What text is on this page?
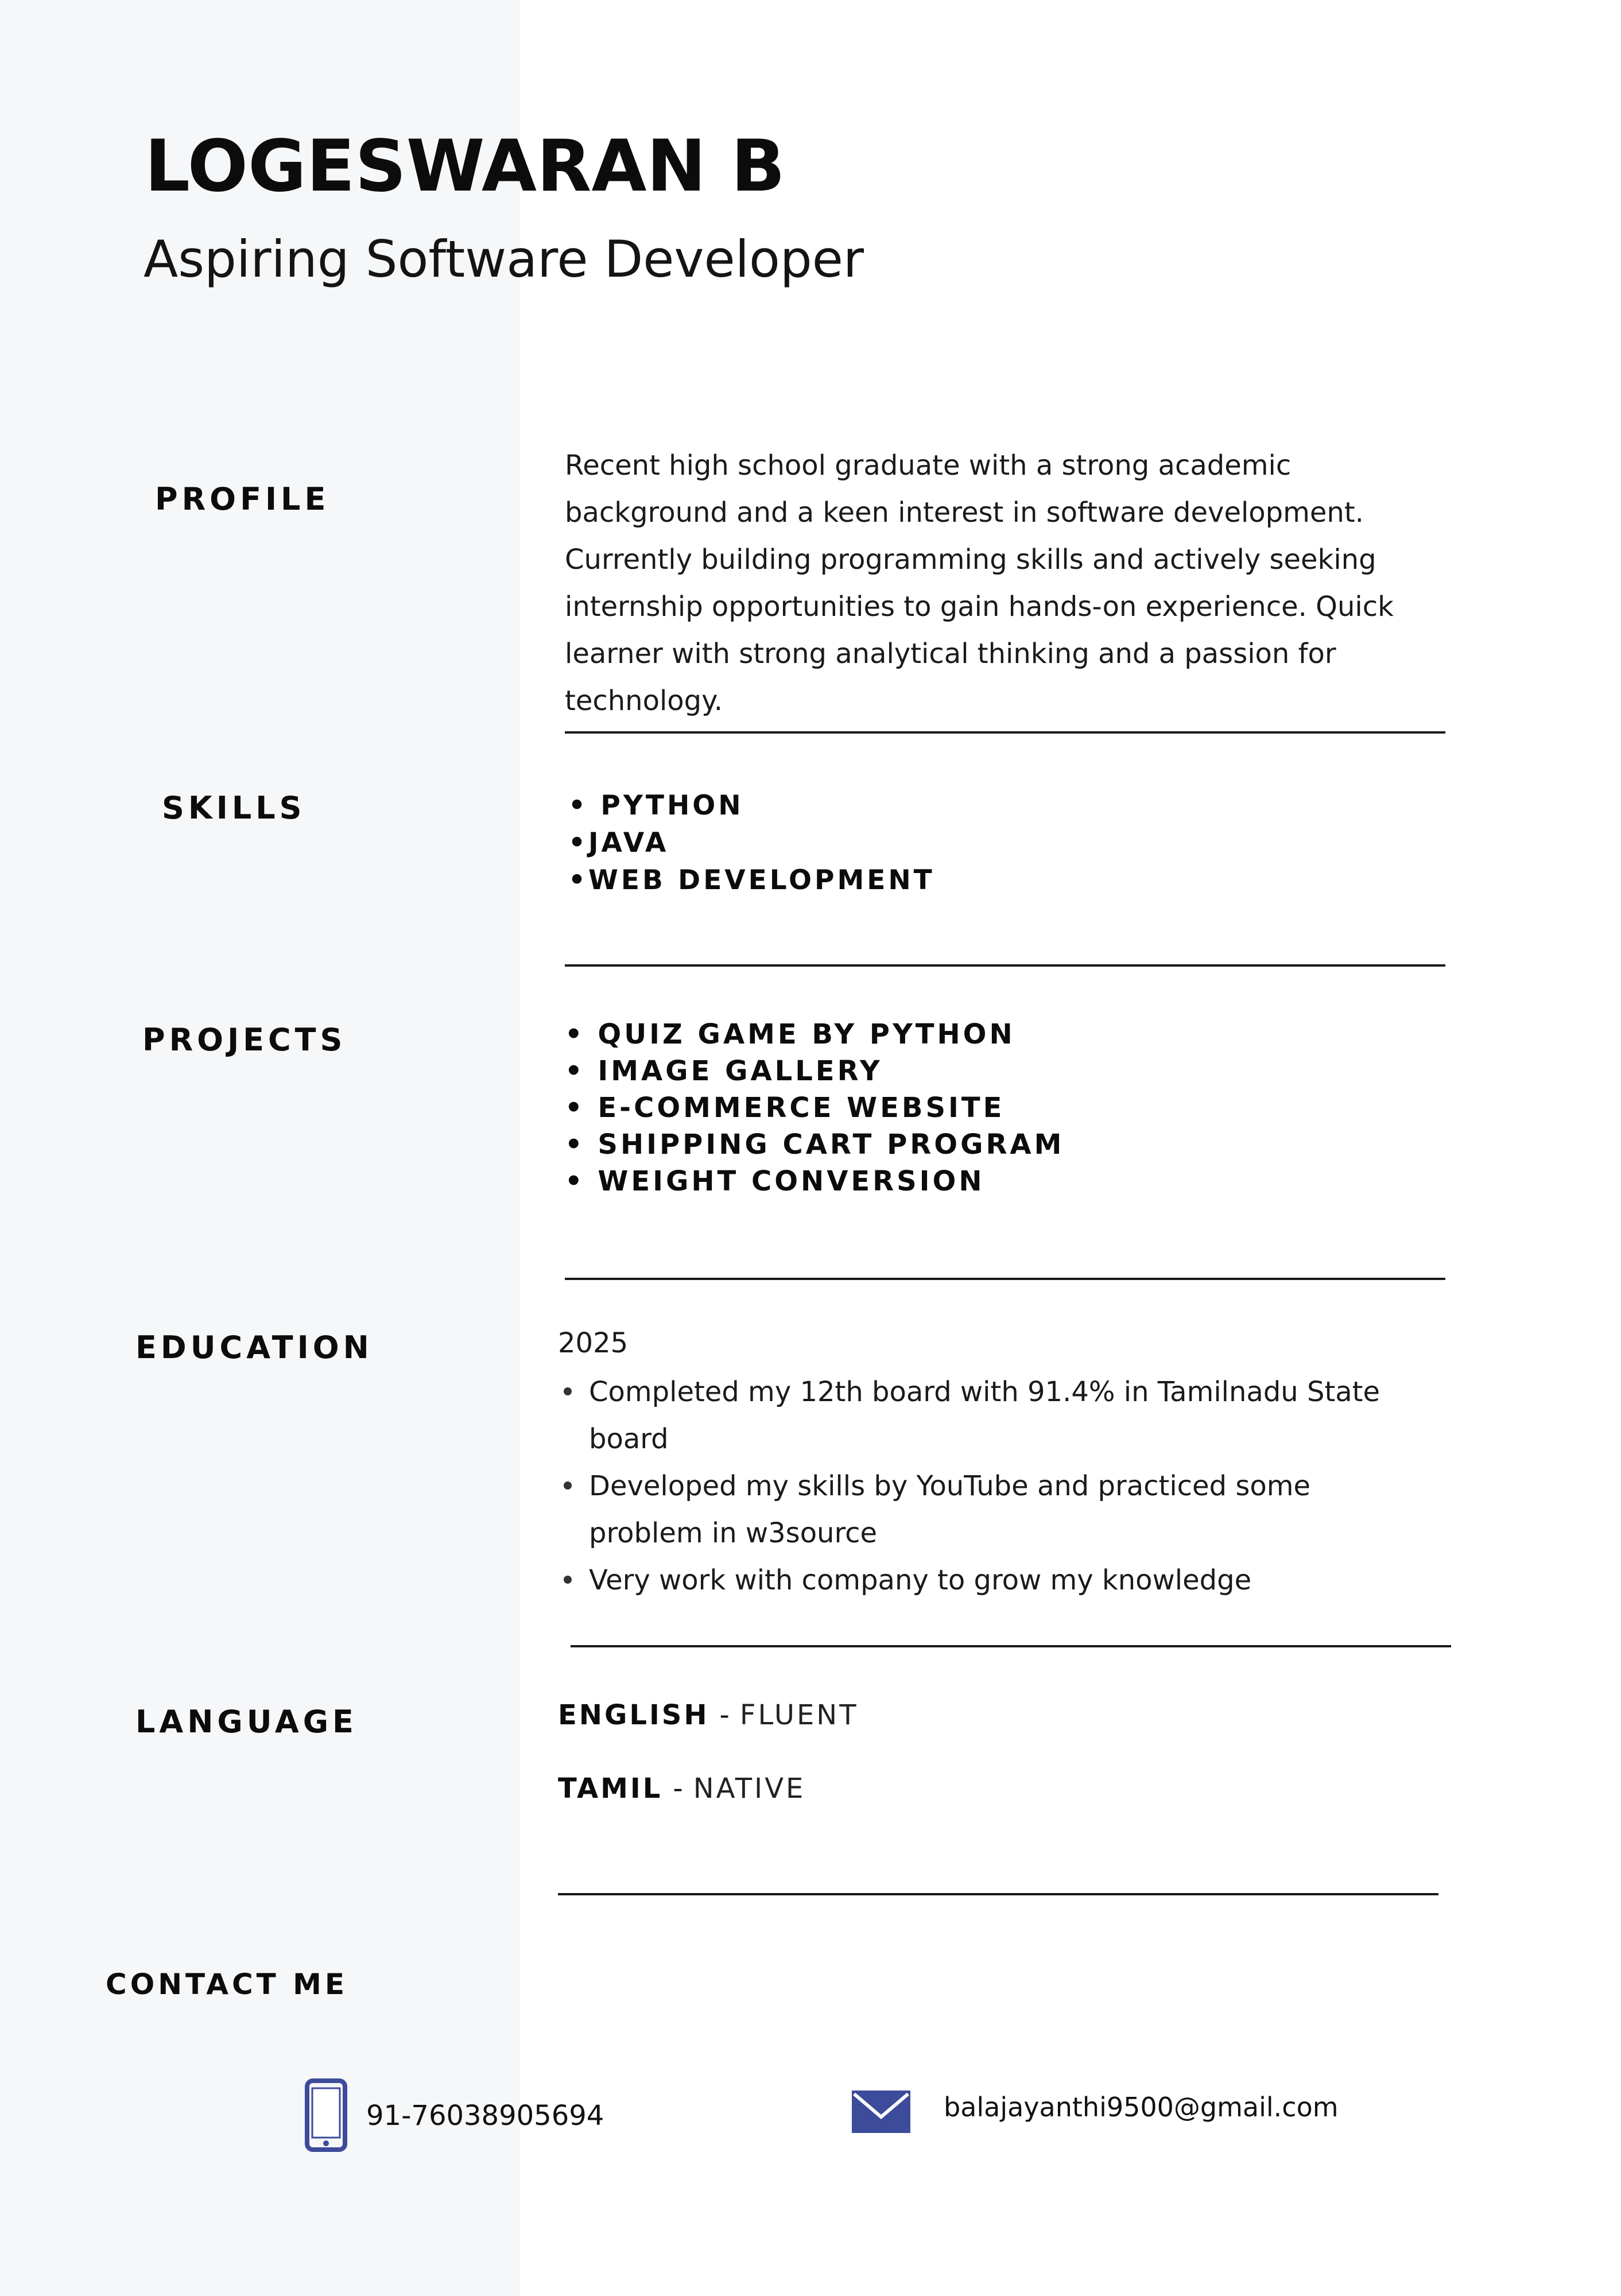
LOGESWARAN B
Aspiring Software Developer
PROFILE
Recent high school graduate with a strong academic background and a keen interest in software development. Currently building programming skills and actively seeking internship opportunities to gain hands-on experience. Quick learner with strong analytical thinking and a passion for technology.
SKILLS	• PYTHON
•JAVA
•WEB DEVELOPMENT
PROJECTS	• QUIZ GAME BY PYTHON
• IMAGE GALLERY
• E-COMMERCE WEBSITE
• SHIPPING CART PROGRAM
• WEIGHT CONVERSION
EDUCATION	2025
Completed my 12th board with 91.4% in Tamilnadu State board
Developed my skills by YouTube and practiced some problem in w3source
Very work with company to grow my knowledge
LANGUAGE	ENGLISH - FLUENT
TAMIL - NATIVE
CONTACT ME
91-76038905694	balajayanthi9500@gmail.com
